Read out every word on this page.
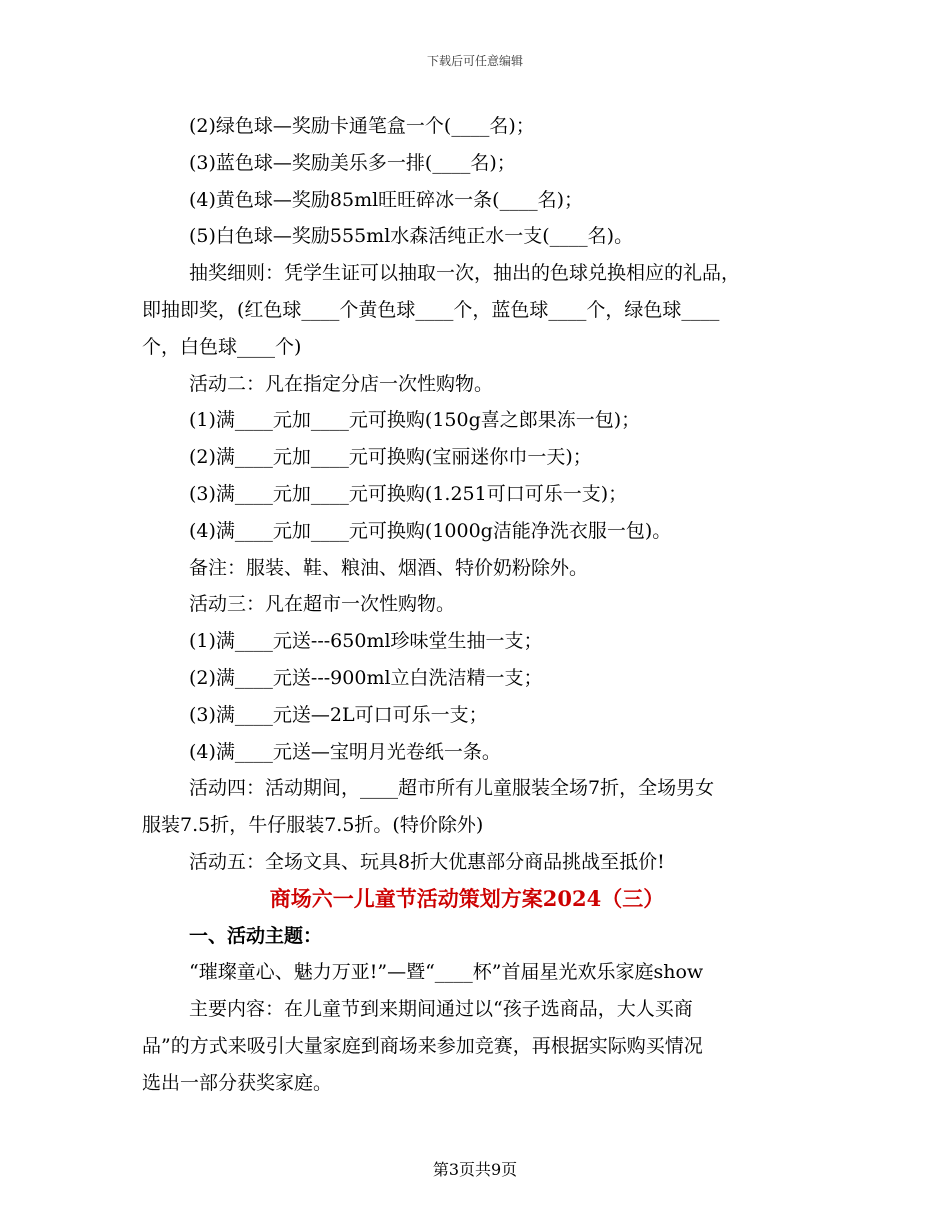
下载后可任意编辑
(2)绿色球—奖励卡通笔盒一个(____名)；
(3)蓝色球—奖励美乐多一排(____名)；
(4)黄色球—奖励85ml旺旺碎冰一条(____名)；
(5)白色球—奖励555ml水森活纯正水一支(____名)。
抽奖细则：凭学生证可以抽取一次，抽出的色球兑换相应的礼品，
即抽即奖，(红色球____个黄色球____个，蓝色球____个，绿色球____
个，白色球____个)
活动二：凡在指定分店一次性购物。
(1)满____元加____元可换购(150g喜之郎果冻一包)；
(2)满____元加____元可换购(宝丽迷你巾一天)；
(3)满____元加____元可换购(1.251可口可乐一支)；
(4)满____元加____元可换购(1000g洁能净洗衣服一包)。
备注：服装、鞋、粮油、烟酒、特价奶粉除外。
活动三：凡在超市一次性购物。
(1)满____元送---650ml珍味堂生抽一支；
(2)满____元送---900ml立白洗洁精一支；
(3)满____元送—2L可口可乐一支；
(4)满____元送—宝明月光卷纸一条。
活动四：活动期间，____超市所有儿童服装全场7折，全场男女
服装7.5折，牛仔服装7.5折。(特价除外)
活动五：全场文具、玩具8折大优惠部分商品挑战至抵价!
商场六一儿童节活动策划方案2024（三）
一、活动主题：
“璀璨童心、魅力万亚!”—暨“____杯”首届星光欢乐家庭show
主要内容：在儿童节到来期间通过以“孩子选商品，大人买商
品”的方式来吸引大量家庭到商场来参加竞赛，再根据实际购买情况
选出一部分获奖家庭。
第3页共9页
